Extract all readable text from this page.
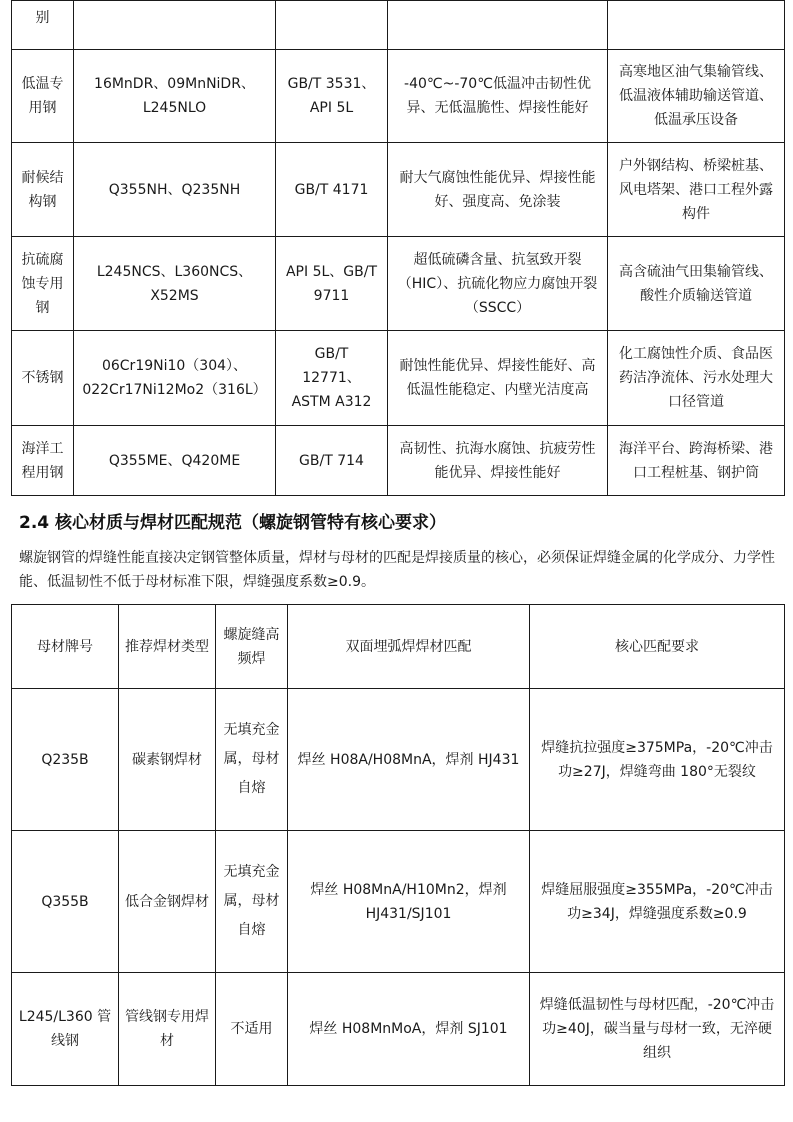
别				
低温专用钢	16MnDR、09MnNiDR、L245NLO	GB/T 3531、API 5L	-40℃~-70℃低温冲击韧性优异、无低温脆性、焊接性能好	高寒地区油气集输管线、低温液体辅助输送管道、低温承压设备
耐候结构钢	Q355NH、Q235NH	GB/T 4171	耐大气腐蚀性能优异、焊接性能好、强度高、免涂装	户外钢结构、桥梁桩基、风电塔架、港口工程外露构件
抗硫腐蚀专用钢	L245NCS、L360NCS、X52MS	API 5L、GB/T 9711	超低硫磷含量、抗氢致开裂（HIC）、抗硫化物应力腐蚀开裂（SSCC）	高含硫油气田集输管线、酸性介质输送管道
不锈钢	06Cr19Ni10（304）、022Cr17Ni12Mo2（316L）	GB/T 12771、ASTM A312	耐蚀性能优异、焊接性能好、高低温性能稳定、内壁光洁度高	化工腐蚀性介质、食品医药洁净流体、污水处理大口径管道
海洋工程用钢	Q355ME、Q420ME	GB/T 714	高韧性、抗海水腐蚀、抗疲劳性能优异、焊接性能好	海洋平台、跨海桥梁、港口工程桩基、钢护筒
2.4 核心材质与焊材匹配规范（螺旋钢管特有核心要求）

螺旋钢管的焊缝性能直接决定钢管整体质量，焊材与母材的匹配是焊接质量的核心，必须保证焊缝金属的化学成分、力学性能、低温韧性不低于母材标准下限，焊缝强度系数≥0.9。

母材牌号	推荐焊材类型	螺旋缝高频焊	双面埋弧焊焊材匹配	核心匹配要求
Q235B	碳素钢焊材	无填充金属，母材自熔	焊丝 H08A/H08MnA，焊剂 HJ431	焊缝抗拉强度≥375MPa，-20℃冲击功≥27J，焊缝弯曲 180°无裂纹
Q355B	低合金钢焊材	无填充金属，母材自熔	焊丝 H08MnA/H10Mn2，焊剂 HJ431/SJ101	焊缝屈服强度≥355MPa，-20℃冲击功≥34J，焊缝强度系数≥0.9
L245/L360 管线钢	管线钢专用焊材	不适用	焊丝 H08MnMoA，焊剂 SJ101	焊缝低温韧性与母材匹配，-20℃冲击功≥40J，碳当量与母材一致，无淬硬组织
